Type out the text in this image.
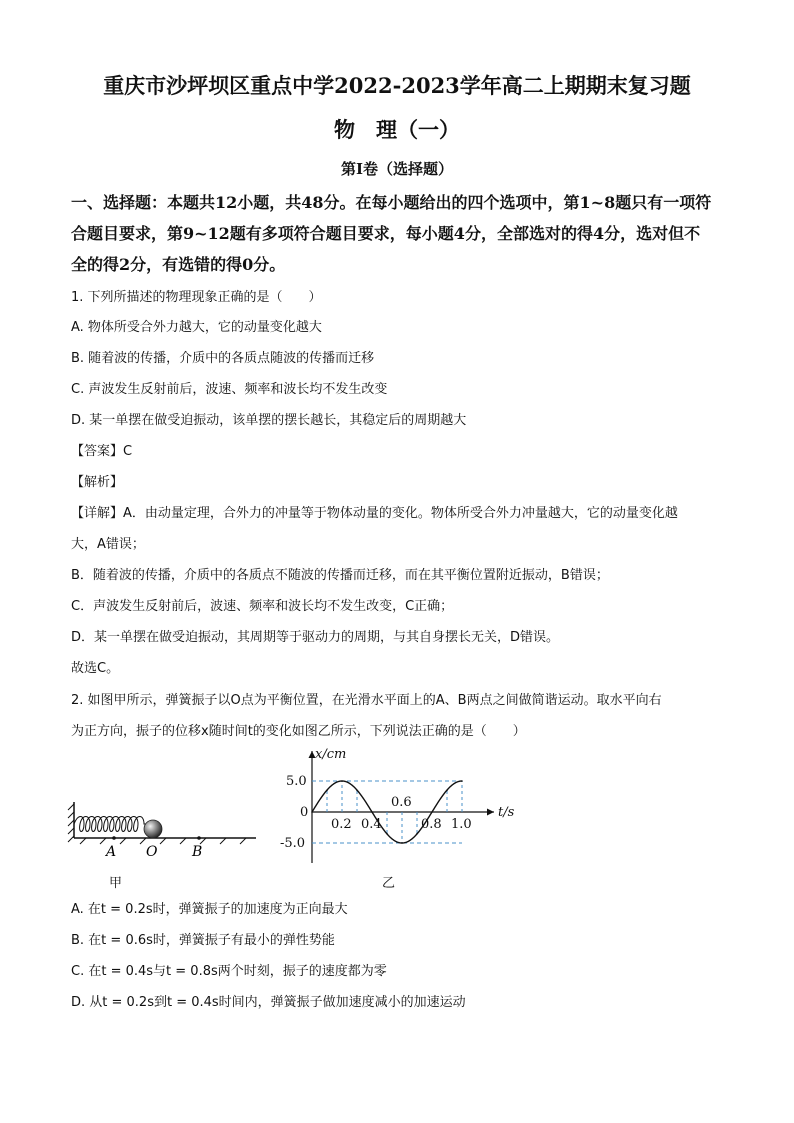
重庆市沙坪坝区重点中学2022-2023学年高二上期期末复习题
物　理（一）
第Ⅰ卷（选择题）
一、选择题：本题共12小题，共48分。在每小题给出的四个选项中，第1~8题只有一项符
合题目要求，第9~12题有多项符合题目要求，每小题4分，全部选对的得4分，选对但不
全的得2分，有选错的得0分。
1. 下列所描述的物理现象正确的是（　　）
A. 物体所受合外力越大，它的动量变化越大
B. 随着波的传播，介质中的各质点随波的传播而迁移
C. 声波发生反射前后，波速、频率和波长均不发生改变
D. 某一单摆在做受迫振动，该单摆的摆长越长，其稳定后的周期越大
【答案】C
【解析】
【详解】A．由动量定理，合外力的冲量等于物体动量的变化。物体所受合外力冲量越大，它的动量变化越
大，A错误；
B．随着波的传播，介质中的各质点不随波的传播而迁移，而在其平衡位置附近振动，B错误；
C．声波发生反射前后，波速、频率和波长均不发生改变，C正确；
D．某一单摆在做受迫振动，其周期等于驱动力的周期，与其自身摆长无关，D错误。
故选C。
2. 如图甲所示，弹簧振子以O点为平衡位置，在光滑水平面上的A、B两点之间做简谐运动。取水平向右
为正方向，振子的位移x随时间t的变化如图乙所示，下列说法正确的是（　　）
A O B
甲
x/cm
t/s
5.0
0
-5.0
0.2 0.4
0.6
0.8 1.0
乙
A. 在t = 0.2s时，弹簧振子的加速度为正向最大
B. 在t = 0.6s时，弹簧振子有最小的弹性势能
C. 在t = 0.4s与t = 0.8s两个时刻，振子的速度都为零
D. 从t = 0.2s到t = 0.4s时间内，弹簧振子做加速度减小的加速运动
